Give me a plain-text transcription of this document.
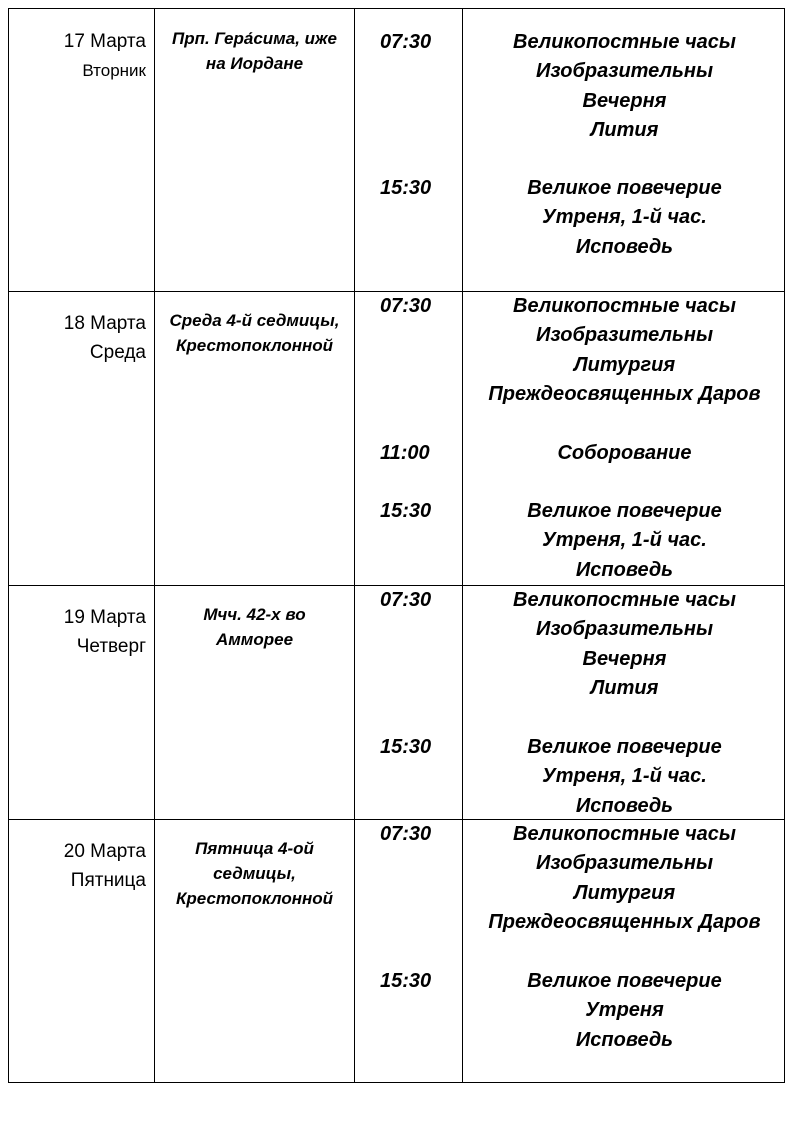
17 Марта
Вторник
Прп. Гера́сима, иже
на Иордане
07:30
15:30
Великопостные часы
Изобразительны
Вечерня
Лития
Великое повечерие
Утреня, 1-й час.
Исповедь
18 Марта
Среда
Среда 4-й седмицы,
Крестопоклонной
07:30
11:00
15:30
Великопостные часы
Изобразительны
Литургия
Преждеосвященных Даров
Соборование
Великое повечерие
Утреня, 1-й час.
Исповедь
19 Марта
Четверг
Мчч. 42-х во
Амморее
07:30
15:30
Великопостные часы
Изобразительны
Вечерня
Лития
Великое повечерие
Утреня, 1-й час.
Исповедь
20 Марта
Пятница
Пятница 4-ой
седмицы,
Крестопоклонной
07:30
15:30
Великопостные часы
Изобразительны
Литургия
Преждеосвященных Даров
Великое повечерие
Утреня
Исповедь
